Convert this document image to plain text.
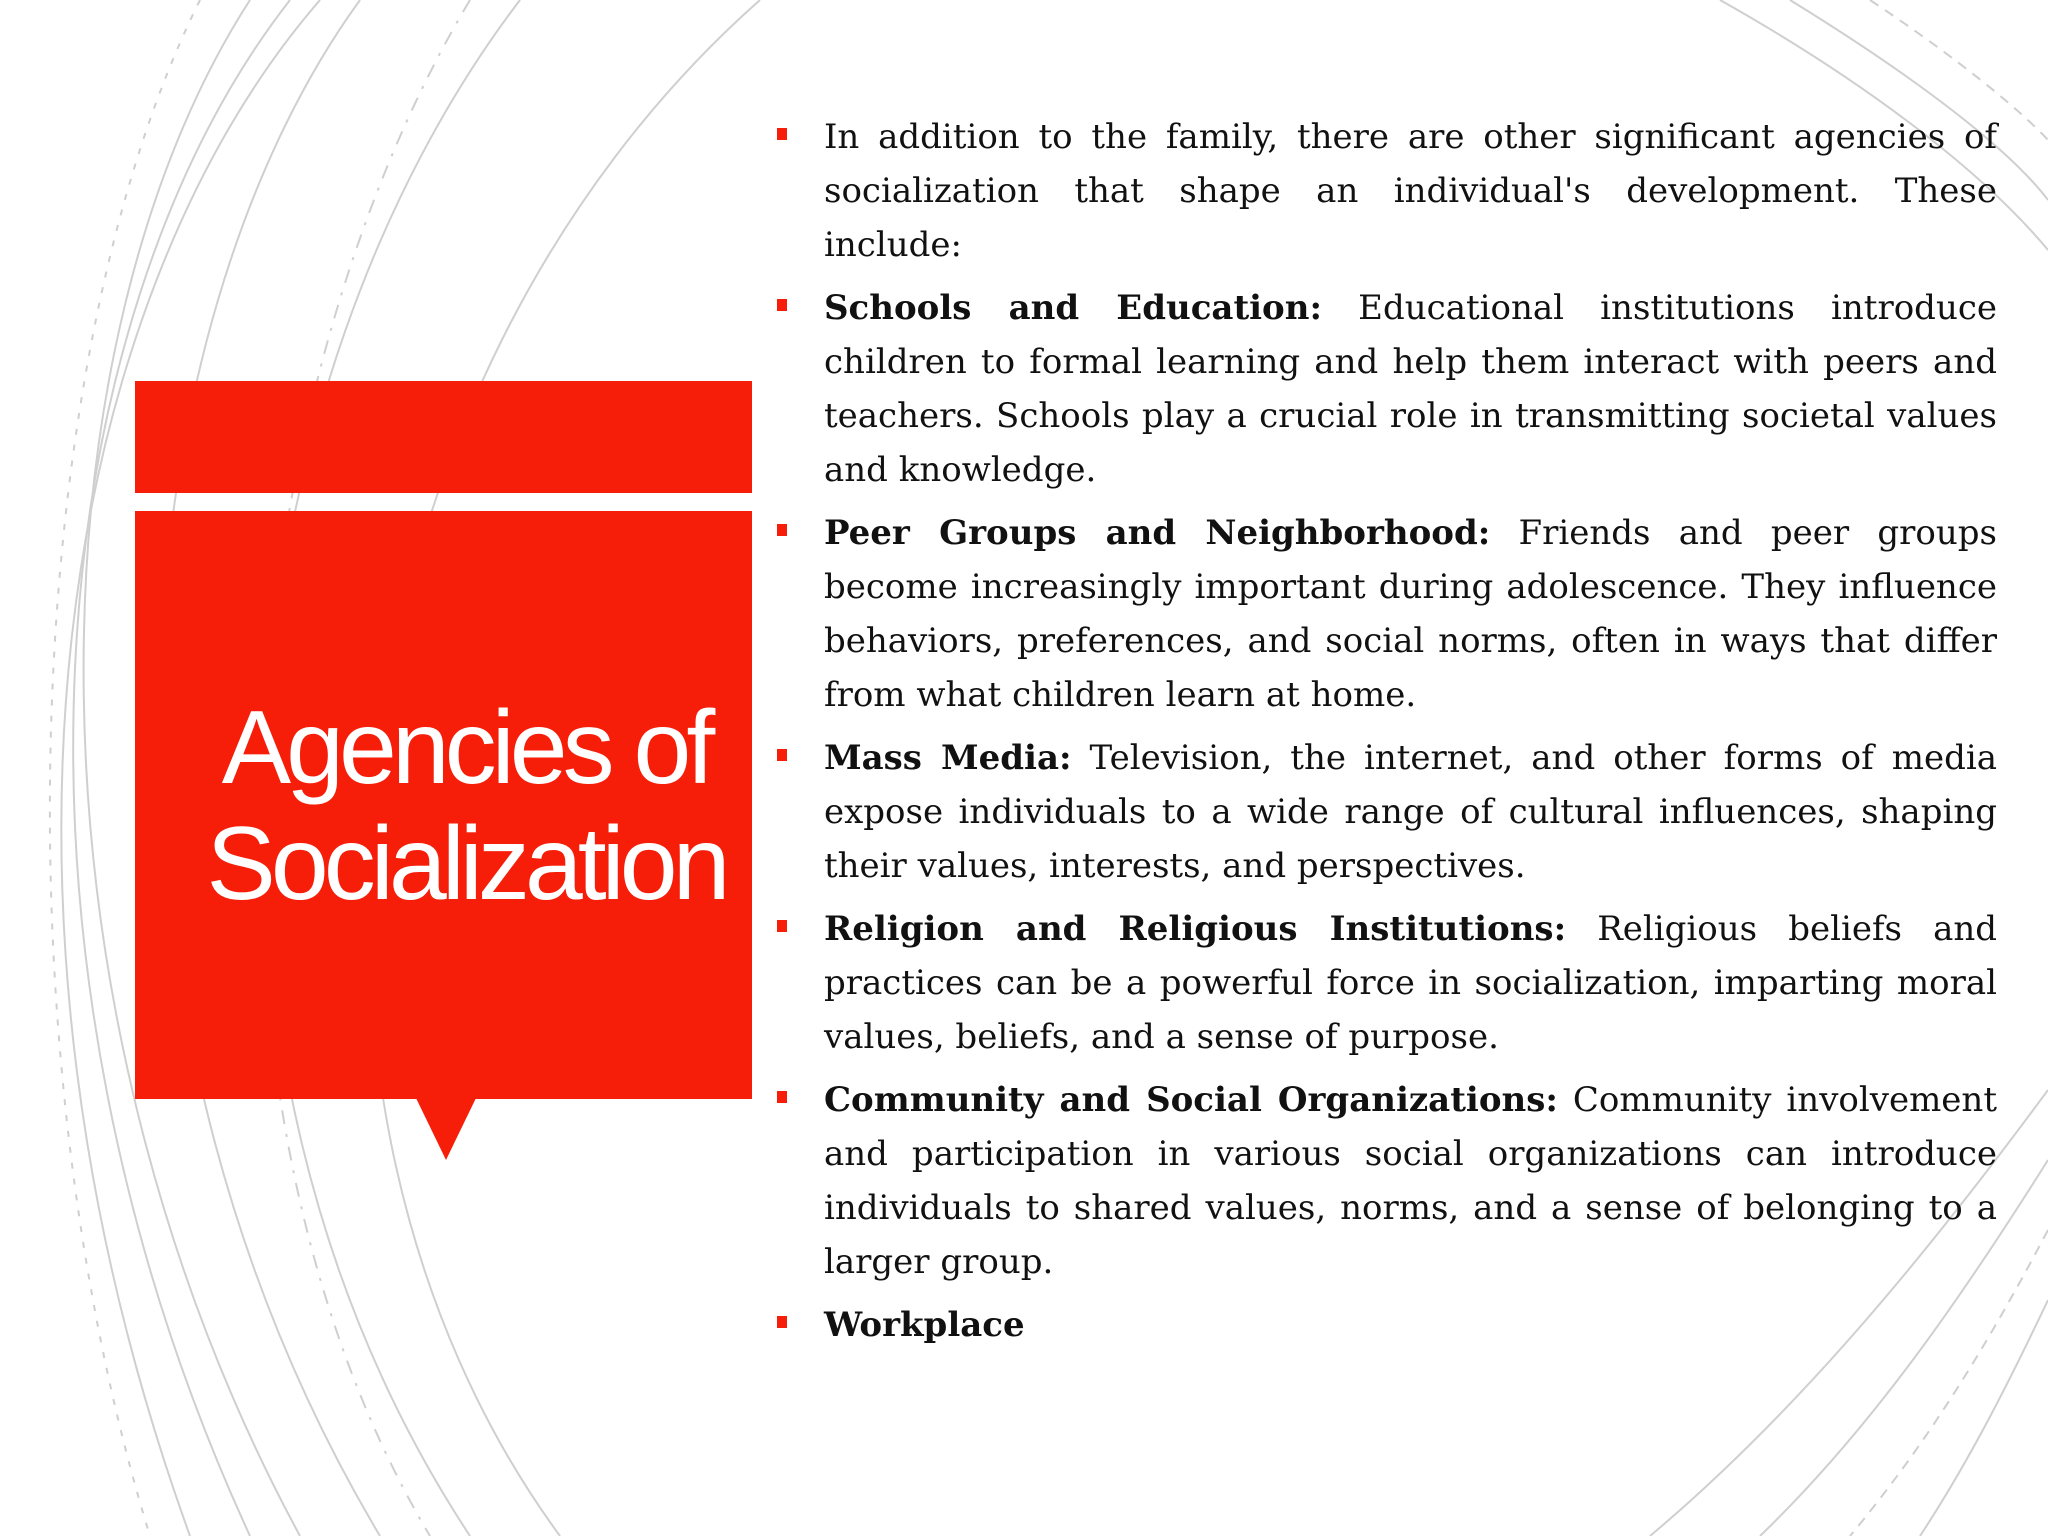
Agencies of
Socialization
In addition to the family, there are other significant agencies of socialization that shape an individual's development. These include:
Schools and Education: Educational institutions introduce children to formal learning and help them interact with peers and teachers. Schools play a crucial role in transmitting societal values and knowledge.
Peer Groups and Neighborhood: Friends and peer groups become increasingly important during adolescence. They influence behaviors, preferences, and social norms, often in ways that differ from what children learn at home.
Mass Media: Television, the internet, and other forms of media expose individuals to a wide range of cultural influences, shaping their values, interests, and perspectives.
Religion and Religious Institutions: Religious beliefs and practices can be a powerful force in socialization, imparting moral values, beliefs, and a sense of purpose.
Community and Social Organizations: Community involvement and participation in various social organizations can introduce individuals to shared values, norms, and a sense of belonging to a larger group.
Workplace
